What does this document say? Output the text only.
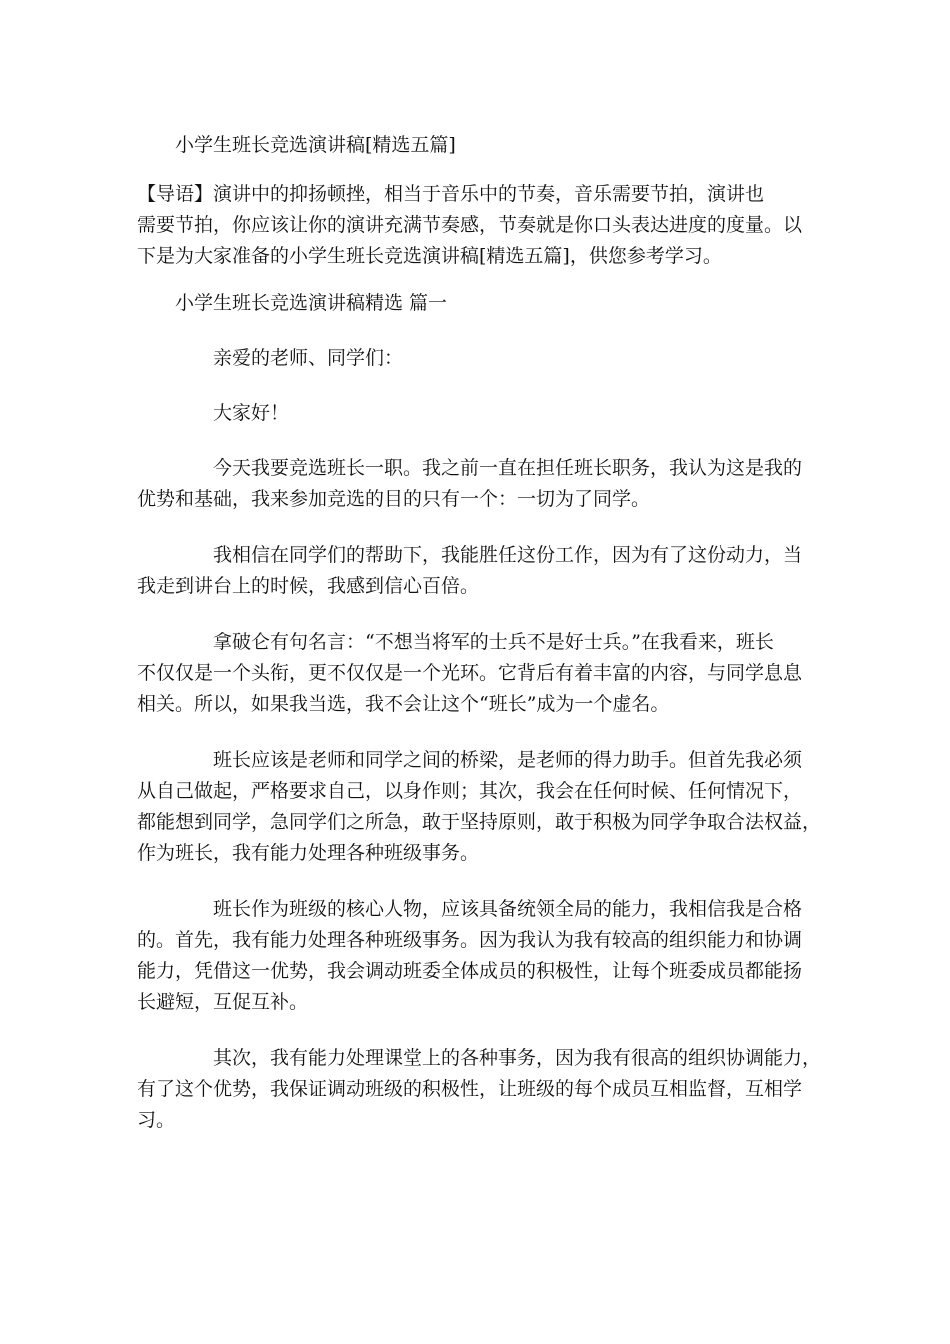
小学生班长竞选演讲稿[精选五篇]
【导语】演讲中的抑扬顿挫，相当于音乐中的节奏，音乐需要节拍，演讲也
需要节拍，你应该让你的演讲充满节奏感，节奏就是你口头表达进度的度量。以
下是为大家准备的小学生班长竞选演讲稿[精选五篇]，供您参考学习。
小学生班长竞选演讲稿精选 篇一
亲爱的老师、同学们：
大家好！
今天我要竞选班长一职。我之前一直在担任班长职务，我认为这是我的
优势和基础，我来参加竞选的目的只有一个：一切为了同学。
我相信在同学们的帮助下，我能胜任这份工作，因为有了这份动力，当
我走到讲台上的时候，我感到信心百倍。
拿破仑有句名言：“不想当将军的士兵不是好士兵。”在我看来，班长
不仅仅是一个头衔，更不仅仅是一个光环。它背后有着丰富的内容，与同学息息
相关。所以，如果我当选，我不会让这个“班长”成为一个虚名。
班长应该是老师和同学之间的桥梁，是老师的得力助手。但首先我必须
从自己做起，严格要求自己，以身作则；其次，我会在任何时候、任何情况下，
都能想到同学，急同学们之所急，敢于坚持原则，敢于积极为同学争取合法权益，
作为班长，我有能力处理各种班级事务。
班长作为班级的核心人物，应该具备统领全局的能力，我相信我是合格
的。首先，我有能力处理各种班级事务。因为我认为我有较高的组织能力和协调
能力，凭借这一优势，我会调动班委全体成员的积极性，让每个班委成员都能扬
长避短，互促互补。
其次，我有能力处理课堂上的各种事务，因为我有很高的组织协调能力，
有了这个优势，我保证调动班级的积极性，让班级的每个成员互相监督，互相学
习。
